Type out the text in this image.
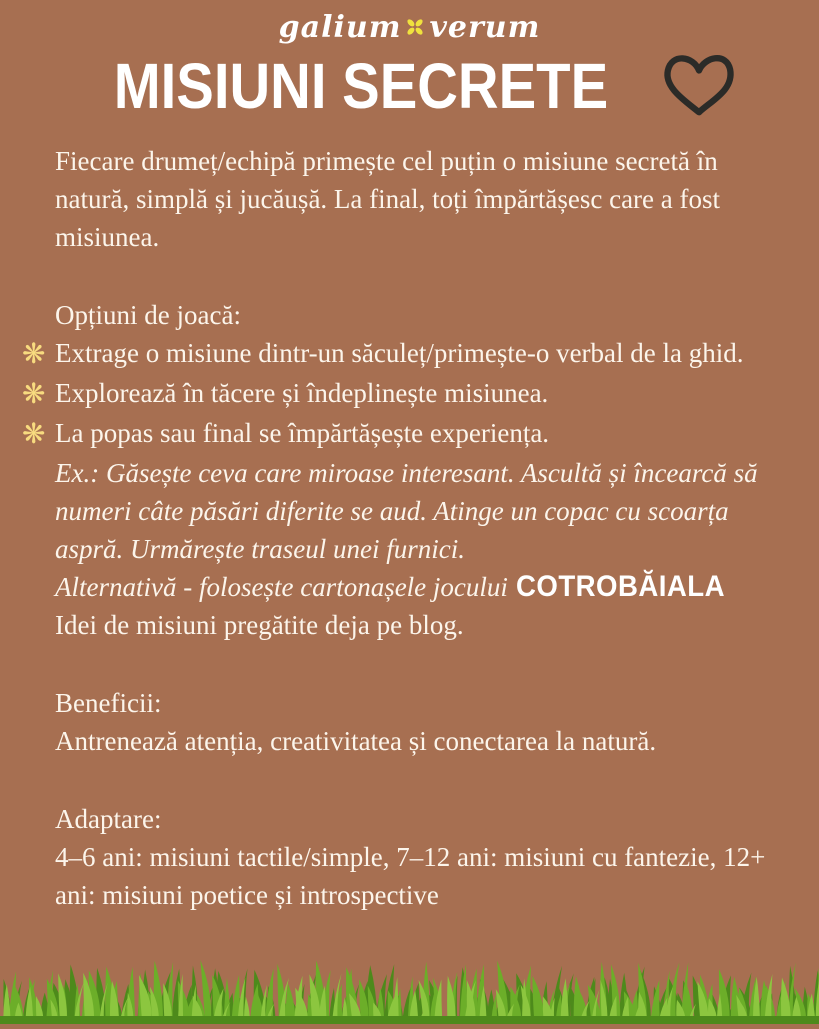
galium verum
MISIUNI SECRETE

Fiecare drumeț/echipă primește cel puțin o misiune secretă în natură, simplă și jucăușă. La final, toți împărtășesc care a fost misiunea.

Opțiuni de joacă:

❋ Extrage o misiune dintr-un săculeț/primește-o verbal de la ghid.
❋ Explorează în tăcere și îndeplinește misiunea.
❋ La popas sau final se împărtășește experiența.

Ex.: Găsește ceva care miroase interesant. Ascultă și încearcă să numeri câte păsări diferite se aud. Atinge un copac cu scoarța aspră. Urmărește traseul unei furnici.

Alternativă - folosește cartonașele jocului COTROBĂIALA

Idei de misiuni pregătite deja pe blog.

Beneficii:

Antrenează atenția, creativitatea și conectarea la natură.

Adaptare:

4–6 ani: misiuni tactile/simple, 7–12 ani: misiuni cu fantezie, 12+ ani: misiuni poetice și introspective
